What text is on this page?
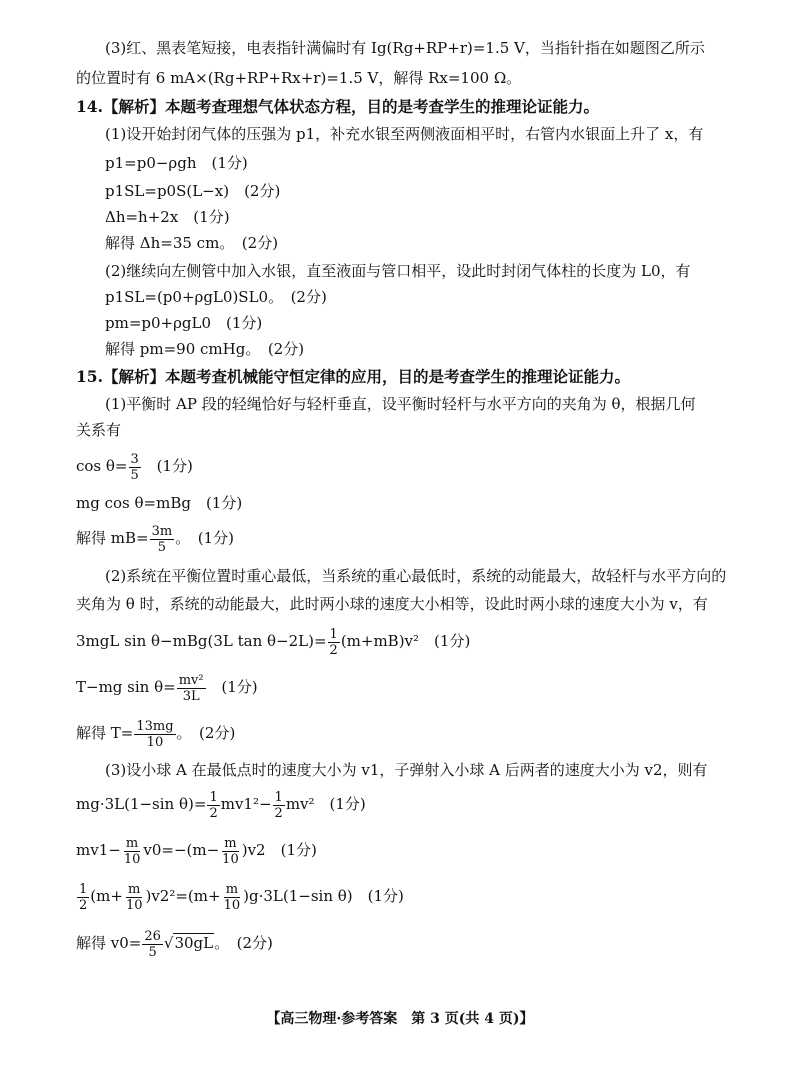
(3)红、黑表笔短接，电表指针满偏时有 Ig(Rg+RP+r)=1.5 V，当指针指在如题图乙所示
的位置时有 6 mA×(Rg+RP+Rx+r)=1.5 V，解得 Rx=100 Ω。
14.【解析】本题考查理想气体状态方程，目的是考查学生的推理论证能力。
(1)设开始封闭气体的压强为 p1，补充水银至两侧液面相平时，右管内水银面上升了 x，有
p1=p0−ρgh　(1分)
p1SL=p0S(L−x)　(2分)
Δh=h+2x　(1分)
解得 Δh=35 cm。　(2分)
(2)继续向左侧管中加入水银，直至液面与管口相平，设此时封闭气体柱的长度为 L0，有
p1SL=(p0+ρgL0)SL0。　(2分)
pm=p0+ρgL0　(1分)
解得 pm=90 cmHg。　(2分)
15.【解析】本题考查机械能守恒定律的应用，目的是考查学生的推理论证能力。
(1)平衡时 AP 段的轻绳恰好与轻杆垂直，设平衡时轻杆与水平方向的夹角为 θ，根据几何
关系有
$\cos \theta= \frac{3}{5} (1$分)
mg cos θ=mBg　(1分)
解得 $mB= \frac{3m}{5}$ 。　(1分)
(2)系统在平衡位置时重心最低，当系统的重心最低时，系统的动能最大，故轻杆与水平方向的
夹角为 θ 时，系统的动能最大，此时两小球的速度大小相等，设此时两小球的速度大小为 v，有
3mgL sin θ−mBg(3L $\tan \theta-2L)= \frac{1}{2} (m+mB)v^2$　(1分)
T−mg $\sin \theta= \frac{\text{mv²}}{3L} (1$分)
解得 $T= \frac{13mg}{10}$ 。　(2分)
(3)设小球 A 在最低点时的速度大小为 v1，子弹射入小球 A 后两者的速度大小为 v2，则有
mg·3L(1−sin $\theta)= \frac{1}{2} mv1^2- \frac{1}{2} mv^2$　(1分)
$mv1- \frac{m}{10} v0=-(m- \frac{m}{10} )v2$　(1分)
$\frac{1}{2} (m+ \frac{m}{10} )v2^2=(m+ \frac{m}{10} )g\cdot 3L(1-\sin$ θ)　(1分)
解得 $v0= \frac{26}{5} √30gL$。　(2分)
【高三物理·参考答案　第 3 页(共 4 页)】
